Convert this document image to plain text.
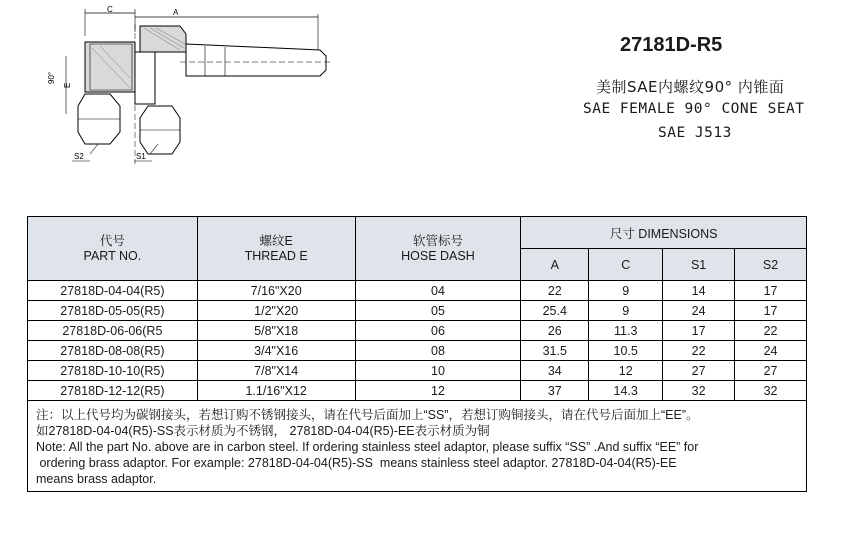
C	A
90°
E
S2	S1
27181D-R5
美制SAE内螺纹90° 内锥面
SAE FEMALE 90° CONE SEAT
SAE J513
代号
PART NO.	螺纹E
THREAD E	软管标号
HOSE DASH	尺寸 DIMENSIONS			
			A	C	S1	S2
27818D-04-04(R5)	7/16"X20	04	22	9	14	17
27818D-05-05(R5)	1/2"X20	05	25.4	9	24	17
27818D-06-06(R5	5/8"X18	06	26	11.3	17	22
27818D-08-08(R5)	3/4"X16	08	31.5	10.5	22	24
27818D-10-10(R5)	7/8"X14	10	34	12	27	27
27818D-12-12(R5)	1.1/16"X12	12	37	14.3	32	32

注：以上代号均为碳钢接头，若想订购不锈钢接头，请在代号后面加上“SS”，若想订购铜接头，请在代号后面加上“EE”。
如27818D-04-04(R5)-SS表示材质为不锈钢， 27818D-04-04(R5)-EE表示材质为铜
Note: All the part No. above are in carbon steel. If ordering stainless steel adaptor, please suffix “SS” .And suffix “EE” for
ordering brass adaptor. For example: 27818D-04-04(R5)-SS  means stainless steel adaptor. 27818D-04-04(R5)-EE
means brass adaptor.						
